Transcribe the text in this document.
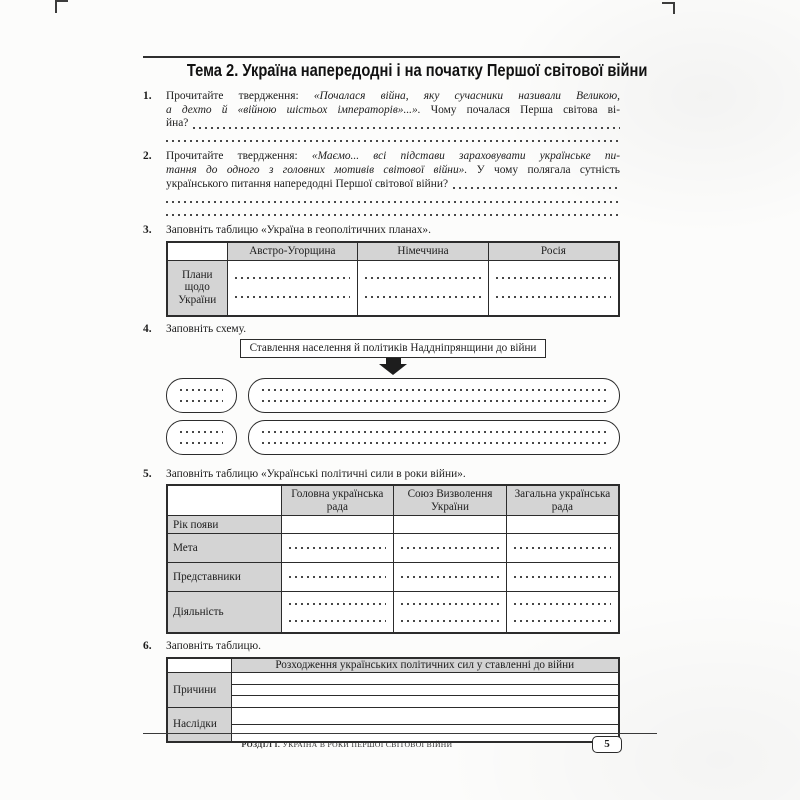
Тема 2. Україна напередодні і на початку Першої світової війни
1.	Прочитайте твердження: «Почалася війна, яку сучасники називали Великою,
а дехто й «війною шістьох імператорів»...». Чому почалася Перша світова ві-
йна?
2.	Прочитайте твердження: «Маємо... всі підстави зараховувати українське пи-
тання до одного з головних мотивів світової війни». У чому полягала сутність
українського питання напередодні Першої світової війни?
3.	Заповніть таблицю «Україна в геополітичних планах».
	Австро-Угорщина	Німеччина	Росія
Плани щодо України	

4.	Заповніть схему.
Ставлення населення й політиків Наддніпрянщини до війни
5.	Заповніть таблицю «Українські політичні сили в роки війни».
	Головна українська рада	Союз Визволення України	Загальна українська рада
Рік появи			
Мета	

Представники	

Діяльність	

6.	Заповніть таблицю.
	Розходження українських політичних сил у ставленні до війни
Причини	

Наслідки	
РОЗДІЛ І. УКРАЇНА В РОКИ ПЕРШОЇ СВІТОВОЇ ВІЙНИ	5
